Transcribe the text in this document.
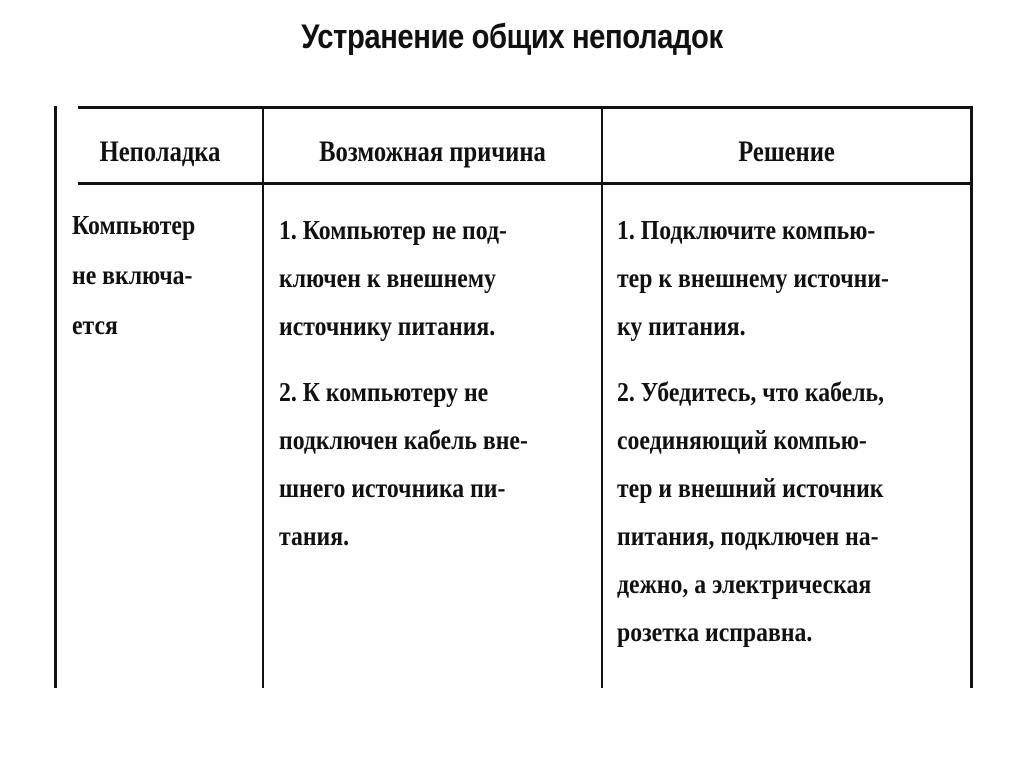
Устранение общих неполадок
Неполадка	Возможная причина	Решение

Компьютер

не включа-

ется

1. Компьютер не под-

ключен к внешнему

источнику питания.

2. К компьютеру не

подключен кабель вне-

шнего источника пи-

тания.

1. Подключите компью-

тер к внешнему источни-

ку питания.

2. Убедитесь, что кабель,

соединяющий компью-

тер и внешний источник

питания, подключен на-

дежно, а электрическая

розетка исправна.
